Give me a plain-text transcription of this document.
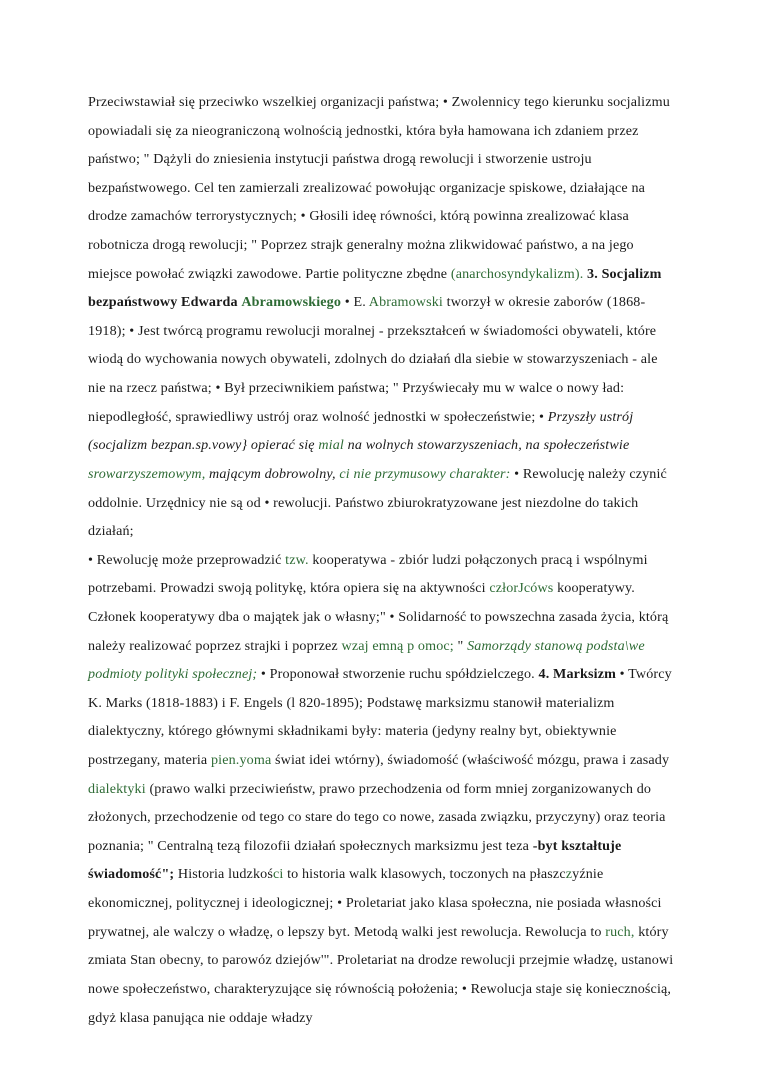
Przeciwstawiał się przeciwko wszelkiej organizacji państwa; • Zwolennicy tego kierunku socjalizmu opowiadali się za nieograniczoną wolnością jednostki, która była hamowana ich zdaniem przez państwo; " Dążyli do zniesienia instytucji państwa drogą rewolucji i stworzenie ustroju bezpaństwowego. Cel ten zamierzali zrealizować powołując organizacje spiskowe, działające na drodze zamachów terrorystycznych; • Głosili ideę równości, którą powinna zrealizować klasa robotnicza drogą rewolucji; " Poprzez strajk generalny można zlikwidować państwo, a na jego miejsce powołać związki zawodowe. Partie polityczne zbędne (anarchosyndykalizm). 3. Socjalizm bezpaństwowy Edwarda Abramowskiego • E. Abramowski tworzył w okresie zaborów (1868-1918); • Jest twórcą programu rewolucji moralnej - przekształceń w świadomości obywateli, które wiodą do wychowania nowych obywateli, zdolnych do działań dla siebie w stowarzyszeniach - ale nie na rzecz państwa; • Był przeciwnikiem państwa; " Przyświecały mu w walce o nowy ład: niepodległość, sprawiedliwy ustrój oraz wolność jednostki w społeczeństwie; • Przyszły ustrój (socjalizm bezpan.sp.vowy} opierać się mial na wolnych stowarzyszeniach, na społeczeństwie srowarzyszemowym, mającym dobrowolny, ci nie przymusowy charakter: • Rewolucję należy czynić oddolnie. Urzędnicy nie są od • rewolucji. Państwo zbiurokratyzowane jest niezdolne do takich działań;

• Rewolucję może przeprowadzić tzw. kooperatywa - zbiór ludzi połączonych pracą i wspólnymi potrzebami. Prowadzi swoją politykę, która opiera się na aktywności człorJcóws kooperatywy. Członek kooperatywy dba o majątek jak o własny;" • Solidarność to powszechna zasada życia, którą należy realizować poprzez strajki i poprzez wzaj emną p omoc; " Samorządy stanową podsta\we podmioty polityki społecznej; • Proponował stworzenie ruchu spółdzielczego. 4. Marksizm • Twórcy K. Marks (1818-1883) i F. Engels (l 820-1895); Podstawę marksizmu stanowił materializm dialektyczny, którego głównymi składnikami były: materia (jedyny realny byt, obiektywnie postrzegany, materia pien.yoma świat idei wtórny), świadomość (właściwość mózgu, prawa i zasady dialektyki (prawo walki przeciwieństw, prawo przechodzenia od form mniej zorganizowanych do złożonych, przechodzenie od tego co stare do tego co nowe, zasada związku, przyczyny) oraz teoria poznania; " Centralną tezą filozofii działań społecznych marksizmu jest teza -byt kształtuje świadomość"; Historia ludzkości to historia walk klasowych, toczonych na płaszczyźnie ekonomicznej, politycznej i ideologicznej; • Proletariat jako klasa społeczna, nie posiada własności prywatnej, ale walczy o władzę, o lepszy byt. Metodą walki jest rewolucja. Rewolucja to ruch, który zmiata Stan obecny, to parowóz dziejów'". Proletariat na drodze rewolucji przejmie władzę, ustanowi nowe społeczeństwo, charakteryzujące się równością położenia; • Rewolucja staje się koniecznością, gdyż klasa panująca nie oddaje władzy
